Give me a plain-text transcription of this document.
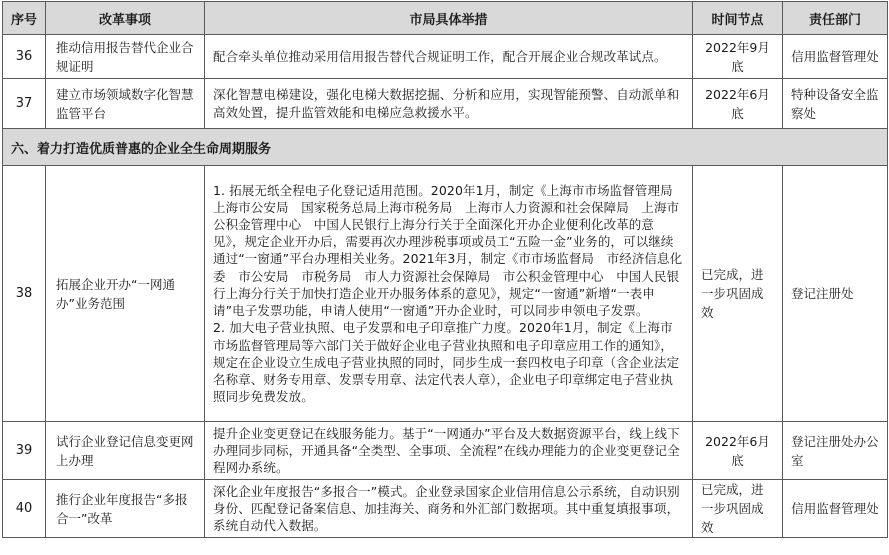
序号	改革事项	市局具体举措	时间节点	责任部门
36	推动信用报告替代企业合规证明	配合牵头单位推动采用信用报告替代合规证明工作，配合开展企业合规改革试点。	2022年9月底	信用监督管理处
37	建立市场领域数字化智慧监管平台	深化智慧电梯建设，强化电梯大数据挖掘、分析和应用，实现智能预警、自动派单和高效处置，提升监管效能和电梯应急救援水平。	2022年6月底	特种设备安全监察处
六、着力打造优质普惠的企业全生命周期服务				
38	拓展企业开办“一网通办”业务范围	1. 拓展无纸全程电子化登记适用范围。2020年1月，制定《上海市市场监督管理局　上海市公安局　国家税务总局上海市税务局　上海市人力资源和社会保障局　上海市公积金管理中心　中国人民银行上海分行关于全面深化开办企业便利化改革的意见》，规定企业开办后，需要再次办理涉税事项或员工“五险一金”业务的，可以继续通过“一窗通”平台办理相关业务。2021年3月，制定《市市场监督局　市经济信息化委　市公安局　市税务局　市人力资源社会保障局　市公积金管理中心　中国人民银行上海分行关于加快打造企业开办服务体系的意见》，规定“一窗通”新增“一表申请”电子发票功能，申请人使用“一窗通”开办企业时，可以同步申领电子发票。
2. 加大电子营业执照、电子发票和电子印章推广力度。2020年1月，制定《上海市市场监督管理局等六部门关于做好企业电子营业执照和电子印章应用工作的通知》，规定在企业设立生成电子营业执照的同时，同步生成一套四枚电子印章（含企业法定名称章、财务专用章、发票专用章、法定代表人章），企业电子印章绑定电子营业执照同步免费发放。	已完成，进一步巩固成效	登记注册处
39	试行企业登记信息变更网上办理	提升企业变更登记在线服务能力。基于“一网通办”平台及大数据资源平台，线上线下办理同步同标，开通具备“全类型、全事项、全流程”在线办理能力的企业变更登记全程网办系统。	2022年6月底	登记注册处办公室
40	推行企业年度报告“多报合一”改革	深化企业年度报告“多报合一”模式。企业登录国家企业信用信息公示系统，自动识别身份、匹配登记备案信息、加挂海关、商务和外汇部门数据项。其中重复填报事项，系统自动代入数据。	已完成，进一步巩固成效	信用监督管理处
